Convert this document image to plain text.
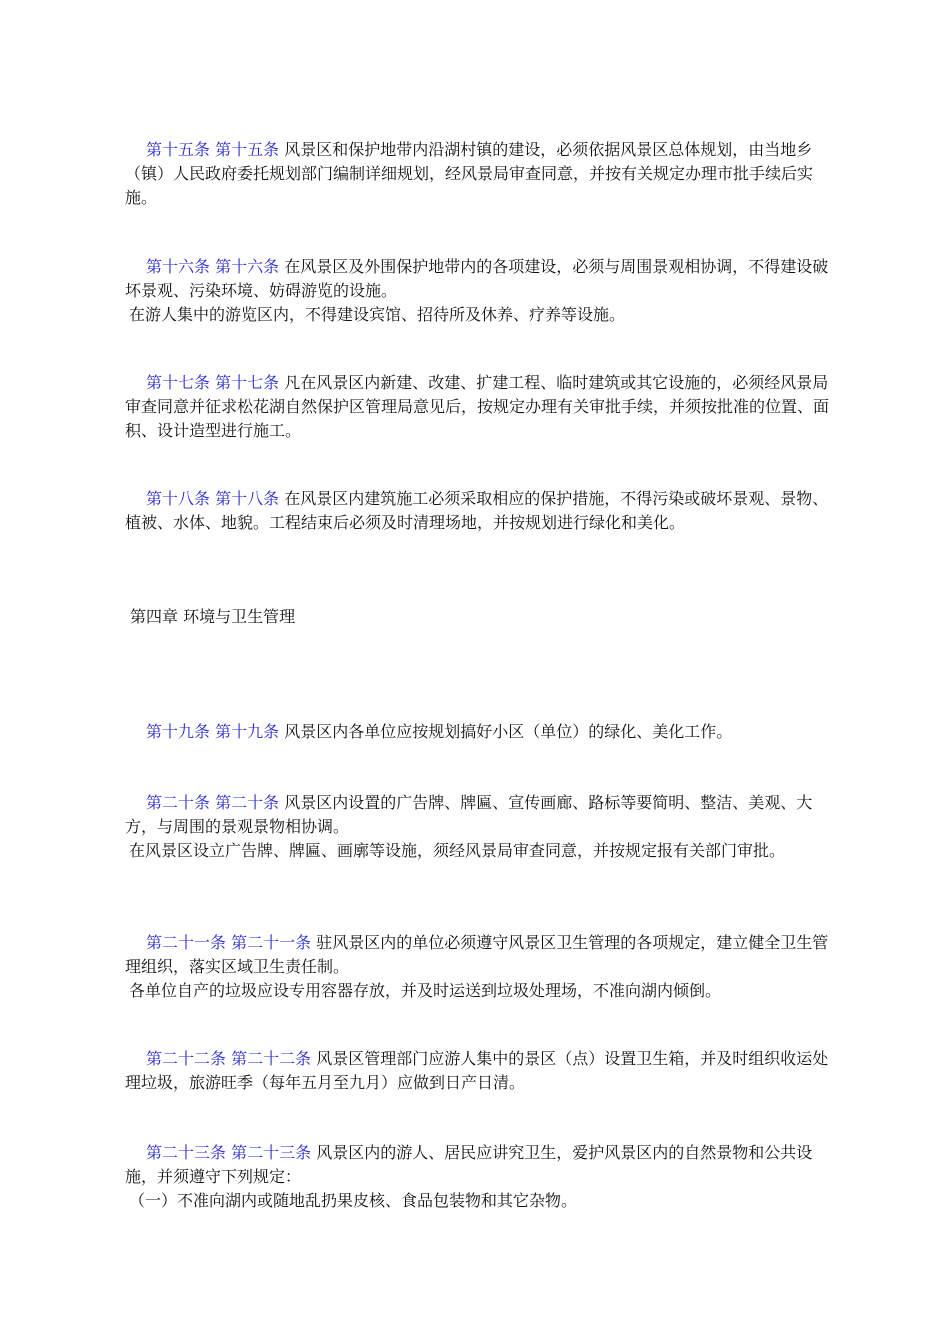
第十五条 第十五条 风景区和保护地带内沿湖村镇的建设，必须依据风景区总体规划，由当地乡（镇）人民政府委托规划部门编制详细规划，经风景局审查同意，并按有关规定办理市批手续后实施。

第十六条 第十六条 在风景区及外围保护地带内的各项建设，必须与周围景观相协调，不得建设破坏景观、污染环境、妨碍游览的设施。

在游人集中的游览区内，不得建设宾馆、招待所及休养、疗养等设施。

第十七条 第十七条 凡在风景区内新建、改建、扩建工程、临时建筑或其它设施的，必须经风景局审查同意并征求松花湖自然保护区管理局意见后，按规定办理有关审批手续，并须按批准的位置、面积、设计造型进行施工。

第十八条 第十八条 在风景区内建筑施工必须采取相应的保护措施，不得污染或破坏景观、景物、植被、水体、地貌。工程结束后必须及时清理场地，并按规划进行绿化和美化。

第四章 环境与卫生管理

第十九条 第十九条 风景区内各单位应按规划搞好小区（单位）的绿化、美化工作。

第二十条 第二十条 风景区内设置的广告牌、牌匾、宣传画廊、路标等要简明、整洁、美观、大方，与周围的景观景物相协调。

在风景区设立广告牌、牌匾、画廓等设施，须经风景局审查同意，并按规定报有关部门审批。

第二十一条 第二十一条 驻风景区内的单位必须遵守风景区卫生管理的各项规定，建立健全卫生管理组织，落实区域卫生责任制。

各单位自产的垃圾应设专用容器存放，并及时运送到垃圾处理场，不准向湖内倾倒。

第二十二条 第二十二条 风景区管理部门应游人集中的景区（点）设置卫生箱，并及时组织收运处理垃圾，旅游旺季（每年五月至九月）应做到日产日清。

第二十三条 第二十三条 风景区内的游人、居民应讲究卫生，爱护风景区内的自然景物和公共设施，并须遵守下列规定：

（一）不准向湖内或随地乱扔果皮核、食品包装物和其它杂物。
